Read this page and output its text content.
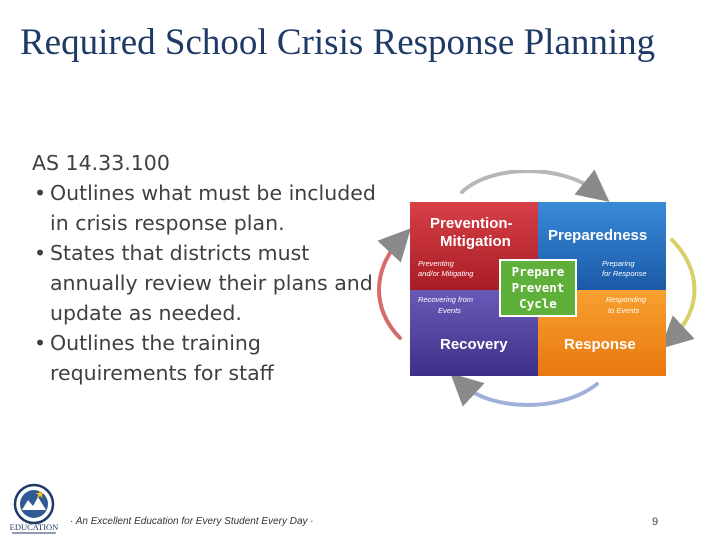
Required School Crisis Response Planning

AS 14.33.100

• Outlines what must be included in crisis response plan.
• States that districts must annually review their plans and update as needed.
• Outlines the training requirements for staff
Prevention-
Mitigation Preparedness
Recovery	Response
Preventing
and/or Mitigating
Preparing
for Response
Recovering from
Events
Responding
to Events
Prepare
Prevent
Cycle
EDUCATION · An Excellent Education for Every Student Every Day ·	9
